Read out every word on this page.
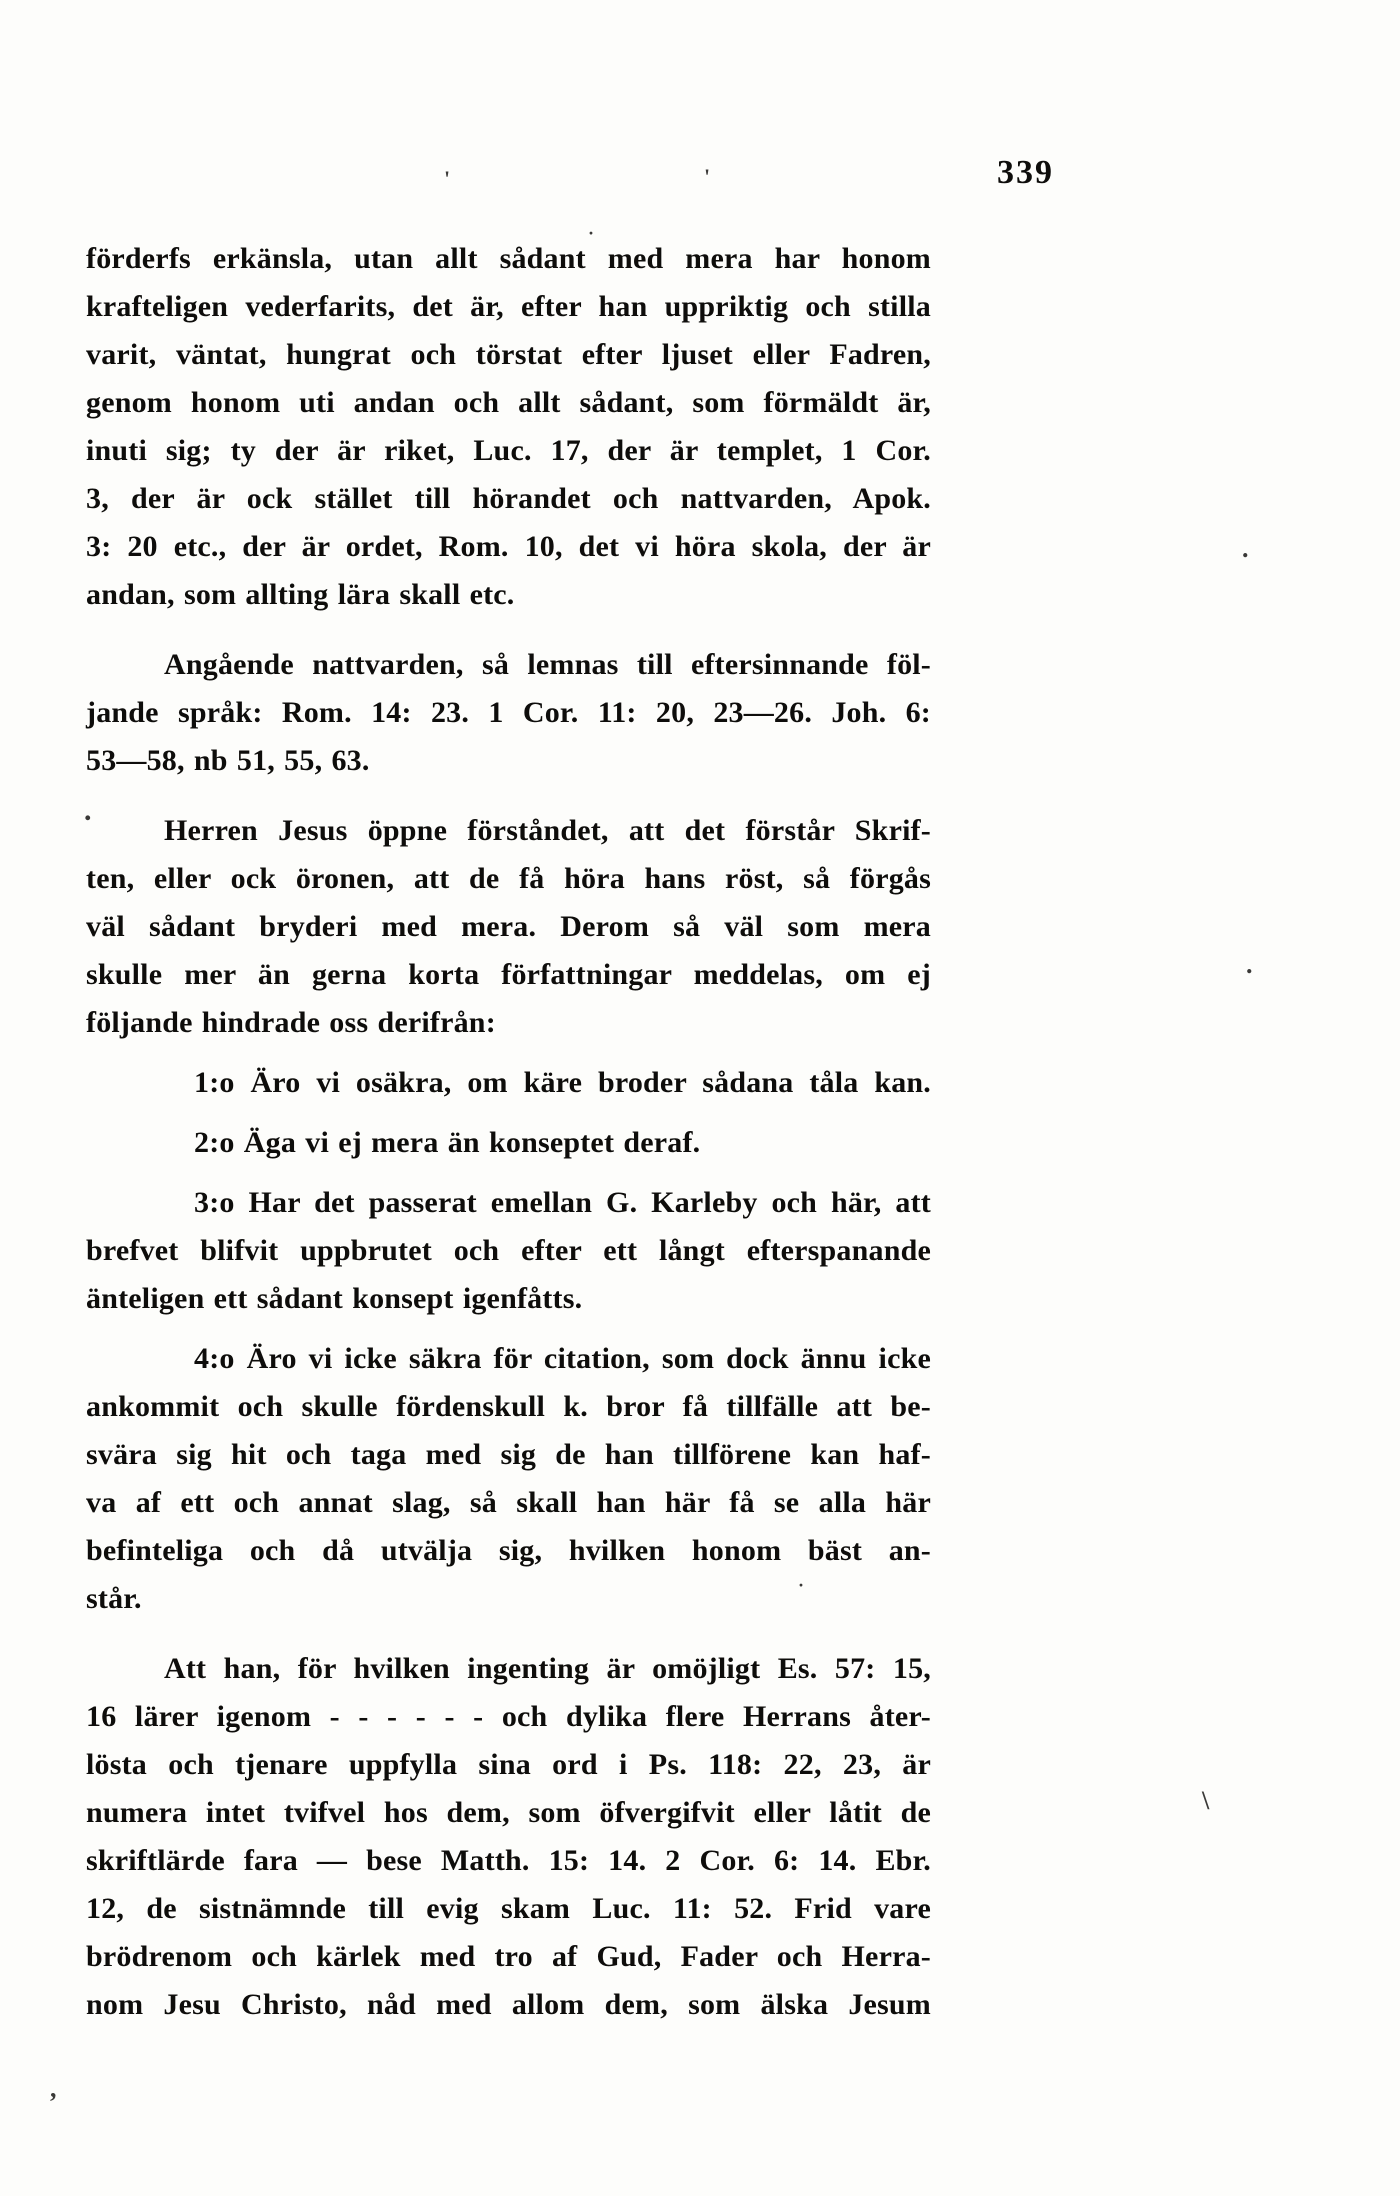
339
förderfs erkänsla, utan allt sådant med mera har honom
krafteligen vederfarits, det är, efter han uppriktig och stilla
varit, väntat, hungrat och törstat efter ljuset eller Fadren,
genom honom uti andan och allt sådant, som förmäldt är,
inuti sig; ty der är riket, Luc. 17, der är templet, 1 Cor.
3, der är ock stället till hörandet och nattvarden, Apok.
3: 20 etc., der är ordet, Rom. 10, det vi höra skola, der är
andan, som allting lära skall etc.
Angående nattvarden, så lemnas till eftersinnande föl-
jande språk: Rom. 14: 23. 1 Cor. 11: 20, 23—26. Joh. 6:
53—58, nb 51, 55, 63.
Herren Jesus öppne förståndet, att det förstår Skrif-
ten, eller ock öronen, att de få höra hans röst, så förgås
väl sådant bryderi med mera. Derom så väl som mera
skulle mer än gerna korta författningar meddelas, om ej
följande hindrade oss derifrån:
1:o Äro vi osäkra, om käre broder sådana tåla kan.
2:o Äga vi ej mera än konseptet deraf.
3:o Har det passerat emellan G. Karleby och här, att
brefvet blifvit uppbrutet och efter ett långt efterspanande
änteligen ett sådant konsept igenfåtts.
4:o Äro vi icke säkra för citation, som dock ännu icke
ankommit och skulle fördenskull k. bror få tillfälle att be-
svära sig hit och taga med sig de han tillförene kan haf-
va af ett och annat slag, så skall han här få se alla här
befinteliga och då utvälja sig, hvilken honom bäst an-
står.
Att han, för hvilken ingenting är omöjligt Es. 57: 15,
16 lärer igenom - - - - - - och dylika flere Herrans åter-
lösta och tjenare uppfylla sina ord i Ps. 118: 22, 23, är
numera intet tvifvel hos dem, som öfvergifvit eller låtit de
skriftlärde fara — bese Matth. 15: 14. 2 Cor. 6: 14. Ebr.
12, de sistnämnde till evig skam Luc. 11: 52. Frid vare
brödrenom och kärlek med tro af Gud, Fader och Herra-
nom Jesu Christo, nåd med allom dem, som älska Jesum
'	'
·
.
.
.
·
\
,
